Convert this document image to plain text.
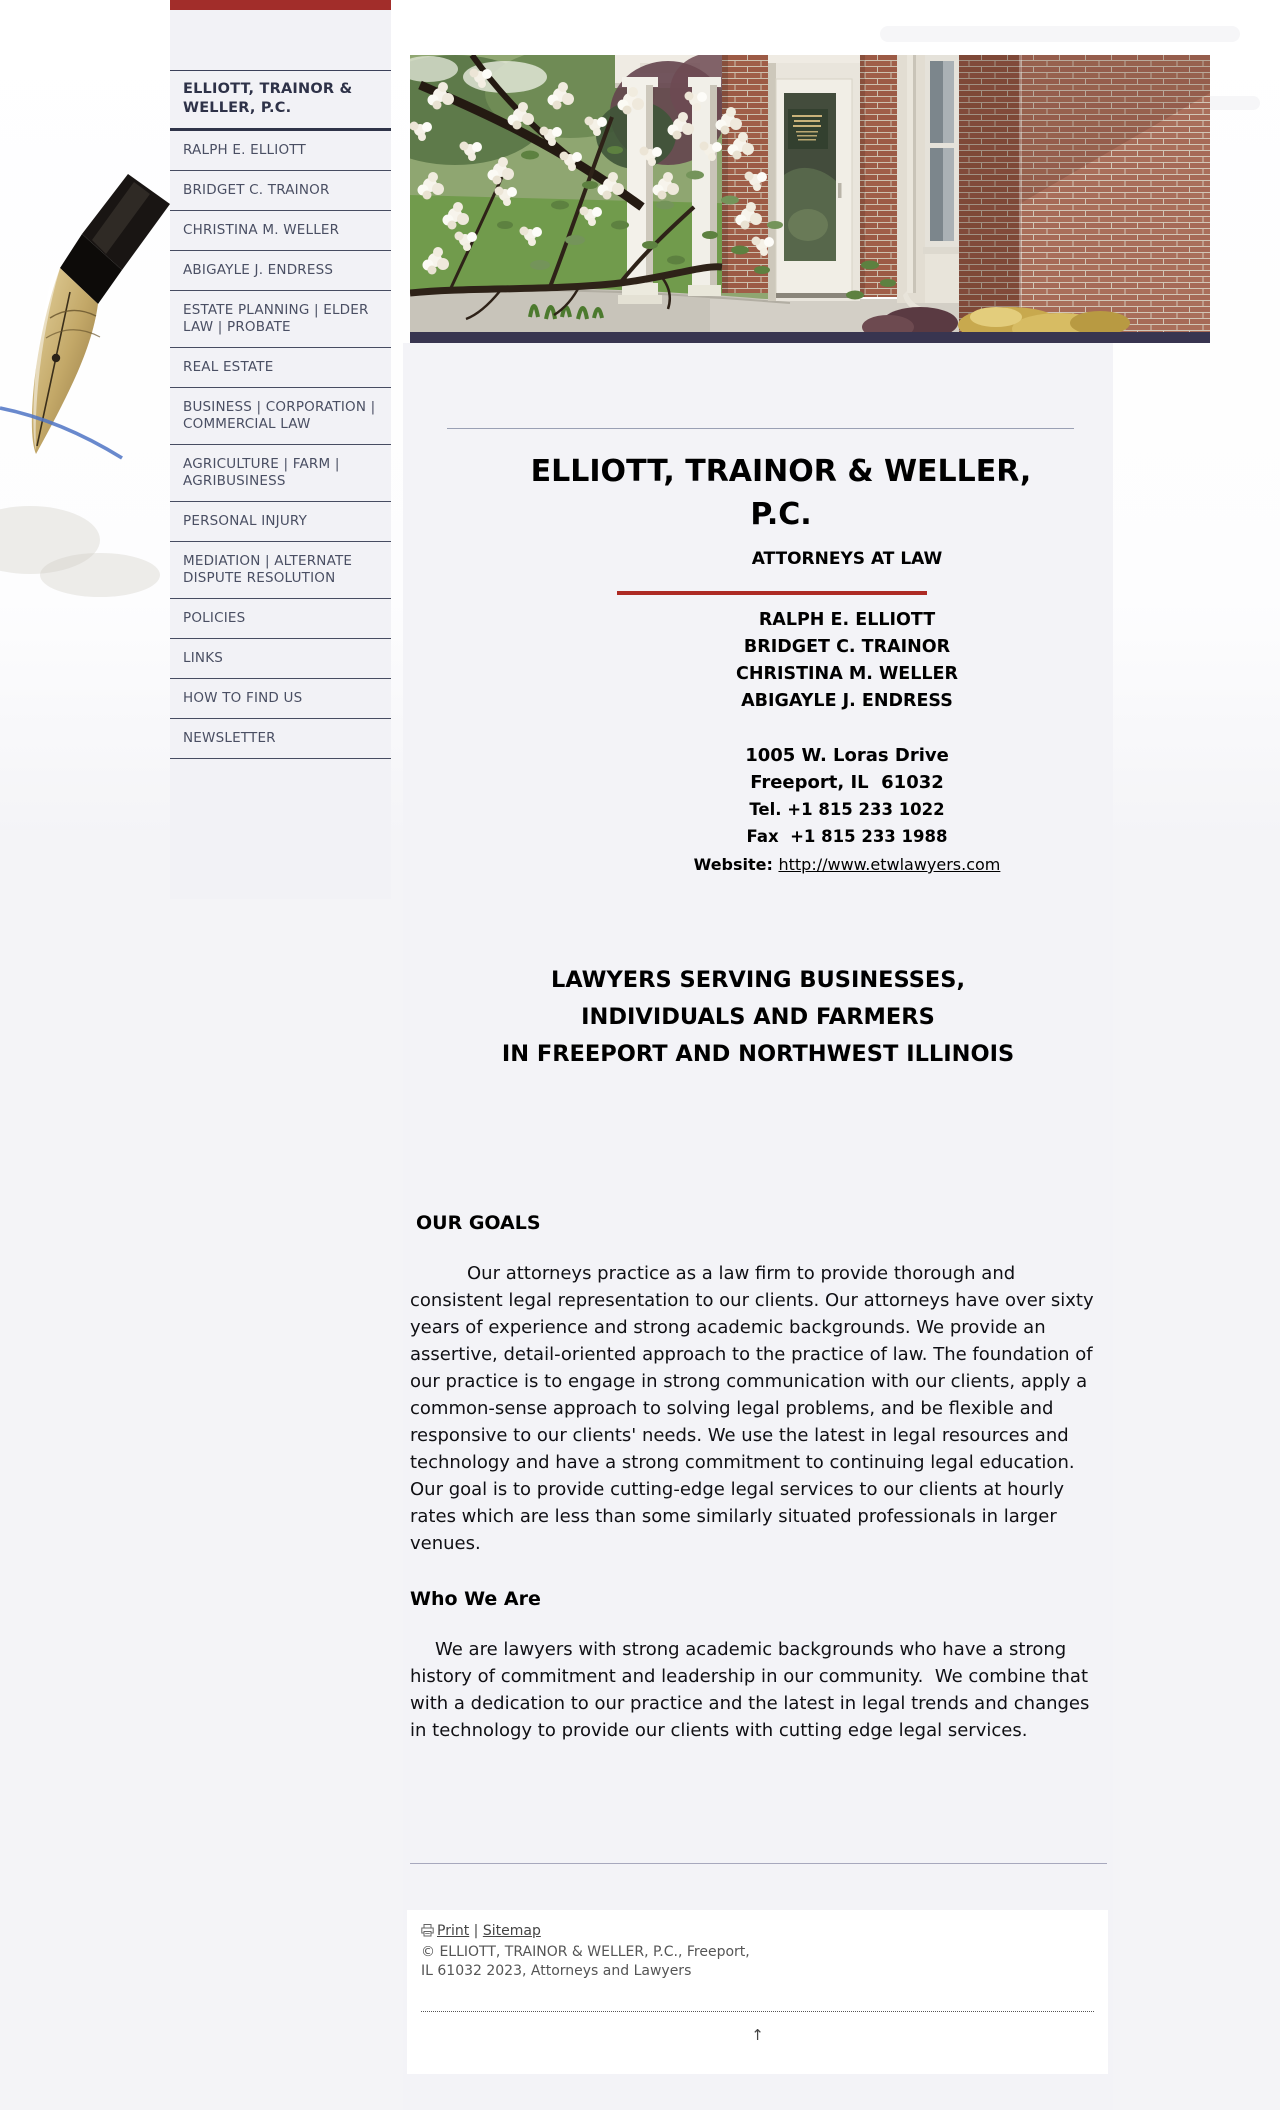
ELLIOTT, TRAINOR & WELLER, P.C.
RALPH E. ELLIOTT
BRIDGET C. TRAINOR
CHRISTINA M. WELLER
ABIGAYLE J. ENDRESS
ESTATE PLANNING | ELDER LAW | PROBATE
REAL ESTATE
BUSINESS | CORPORATION | COMMERCIAL LAW
AGRICULTURE | FARM | AGRIBUSINESS
PERSONAL INJURY
MEDIATION | ALTERNATE DISPUTE RESOLUTION
POLICIES
LINKS
HOW TO FIND US
NEWSLETTER
ELLIOTT, TRAINOR & WELLER,
P.C.
ATTORNEYS AT LAW
RALPH E. ELLIOTT
BRIDGET C. TRAINOR
CHRISTINA M. WELLER
ABIGAYLE J. ENDRESS
1005 W. Loras Drive
Freeport, IL  61032
Tel. +1 815 233 1022
Fax  +1 815 233 1988
Website: http://www.etwlawyers.com
LAWYERS SERVING BUSINESSES,
INDIVIDUALS AND FARMERS
IN FREEPORT AND NORTHWEST ILLINOIS
OUR GOALS
Our attorneys practice as a law firm to provide thorough and consistent legal representation to our clients. Our attorneys have over sixty years of experience and strong academic backgrounds. We provide an assertive, detail-oriented approach to the practice of law. The foundation of our practice is to engage in strong communication with our clients, apply a common-sense approach to solving legal problems, and be flexible and responsive to our clients' needs. We use the latest in legal resources and technology and have a strong commitment to continuing legal education.  Our goal is to provide cutting-edge legal services to our clients at hourly rates which are less than some similarly situated professionals in larger venues.
Who We Are
We are lawyers with strong academic backgrounds who have a strong history of commitment and leadership in our community.  We combine that with a dedication to our practice and the latest in legal trends and changes in technology to provide our clients with cutting edge legal services.
Print | Sitemap
© ELLIOTT, TRAINOR & WELLER, P.C., Freeport, IL 61032 2023, Attorneys and Lawyers
↑
